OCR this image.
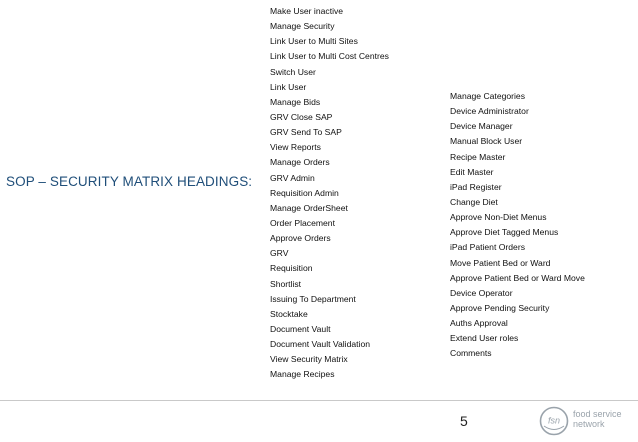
SOP – SECURITY MATRIX HEADINGS:
Make User inactive
Manage Security
Link User to Multi Sites
Link User to Multi Cost Centres
Switch User
Link User
Manage Bids
GRV Close SAP
GRV Send To SAP
View Reports
Manage Orders
GRV Admin
Requisition Admin
Manage OrderSheet
Order Placement
Approve Orders
GRV
Requisition
Shortlist
Issuing To Department
Stocktake
Document Vault
Document Vault Validation
View Security Matrix
Manage Recipes
Manage Categories
Device Administrator
Device Manager
Manual Block User
Recipe Master
Edit Master
iPad Register
Change Diet
Approve Non-Diet Menus
Approve Diet Tagged Menus
iPad Patient Orders
Move Patient Bed or Ward
Approve Patient Bed or Ward Move
Device Operator
Approve Pending Security
Auths Approval
Extend User roles
Comments
5	fsn
food service
network
